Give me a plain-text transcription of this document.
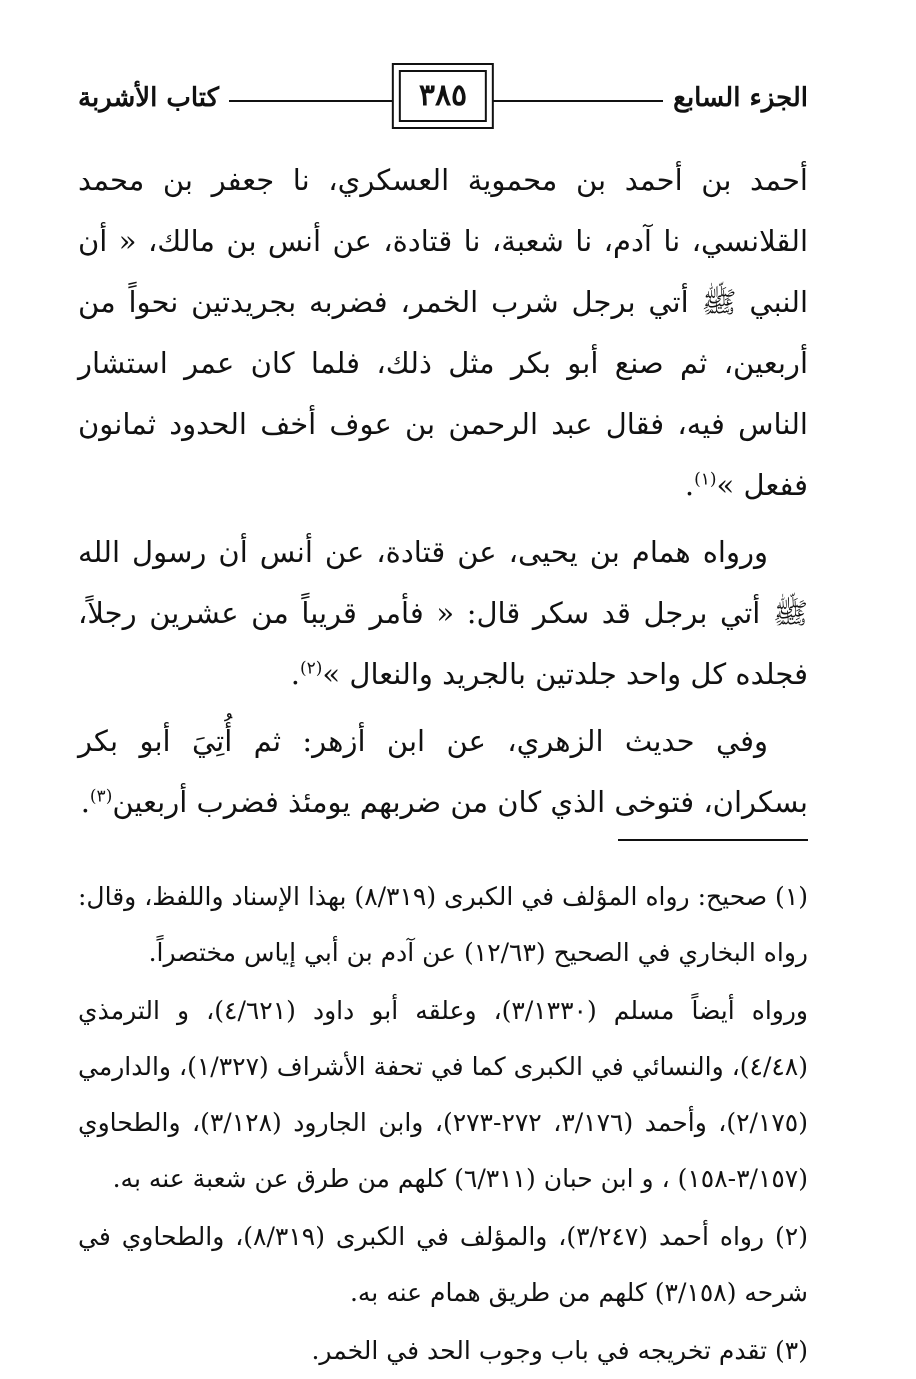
الجزء السابع
٣٨٥
كتاب الأشربة

أحمد بن أحمد بن محموية العسكري، نا جعفر بن محمد القلانسي، نا آدم، نا شعبة، نا قتادة، عن أنس بن مالك، « أن النبي ﷺ أتي برجل شرب الخمر، فضربه بجريدتين نحواً من أربعين، ثم صنع أبو بكر مثل ذلك، فلما كان عمر استشار الناس فيه، فقال عبد الرحمن بن عوف أخف الحدود ثمانون ففعل »$^{(١)}$.

ورواه همام بن يحيى، عن قتادة، عن أنس أن رسول الله ﷺ أتي برجل قد سكر قال: « فأمر قريباً من عشرين رجلاً، فجلده كل واحد جلدتين بالجريد والنعال »$^{(٢)}$.

وفي حديث الزهري، عن ابن أزهر: ثم أُتِيَ أبو بكر بسكران، فتوخى الذي كان من ضربهم يومئذ فضرب أربعين$^{(٣)}$.

(١) صحيح: رواه المؤلف في الكبرى (٨/٣١٩) بهذا الإسناد واللفظ، وقال: رواه البخاري في الصحيح (١٢/٦٣) عن آدم بن أبي إياس مختصراً.

ورواه أيضاً مسلم (٣/١٣٣٠)، وعلقه أبو داود (٤/٦٢١)، و الترمذي (٤/٤٨)، والنسائي في الكبرى كما في تحفة الأشراف (١/٣٢٧)، والدارمي (٢/١٧٥)، وأحمد (٣/١٧٦، ٢٧٢-٢٧٣)، وابن الجارود (٣/١٢٨)، والطحاوي (٣/١٥٧-١٥٨) ، و ابن حبان (٦/٣١١) كلهم من طرق عن شعبة عنه به.

(٢) رواه أحمد (٣/٢٤٧)، والمؤلف في الكبرى (٨/٣١٩)، والطحاوي في شرحه (٣/١٥٨) كلهم من طريق همام عنه به.

(٣) تقدم تخريجه في باب وجوب الحد في الخمر.
